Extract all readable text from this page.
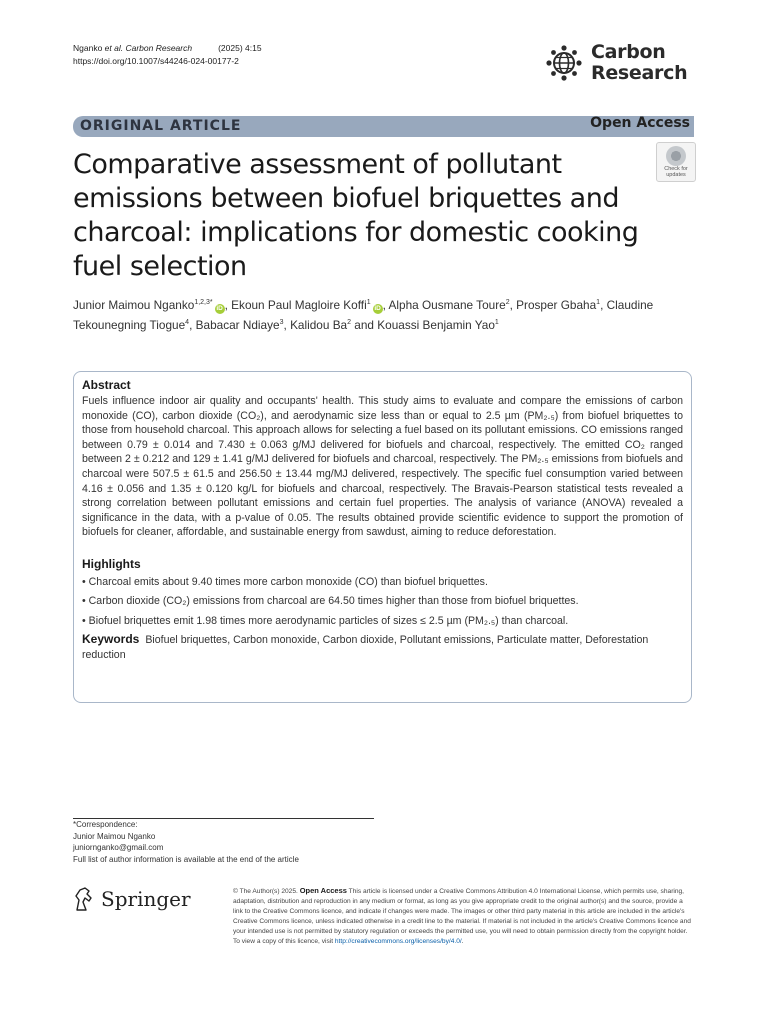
Nganko et al. Carbon Research	(2025) 4:15
https://doi.org/10.1007/s44246-024-00177-2	Carbon
Research
ORIGINAL ARTICLE	Open Access
Check for
updates
Comparative assessment of pollutant emissions between biofuel briquettes and charcoal: implications for domestic cooking fuel selection
Junior Maimou Nganko$^{1,2,3*}$iD , Ekoun Paul Magloire Koffi$^1$iD , Alpha Ousmane Toure$^2$, Prosper Gbaha$^1$, Claudine Tekounegning Tiogue$^4$, Babacar Ndiaye$^3$, Kalidou Ba$^2$ and Kouassi Benjamin Yao$^1$
Abstract

Fuels influence indoor air quality and occupants' health. This study aims to evaluate and compare the emissions of carbon monoxide (CO), carbon dioxide (CO₂), and aerodynamic size less than or equal to 2.5 µm (PM₂.₅) from biofuel briquettes to those from household charcoal. This approach allows for selecting a fuel based on its pollutant emissions. CO emissions ranged between 0.79 ± 0.014 and 7.430 ± 0.063 g/MJ delivered for biofuels and charcoal, respectively. The emitted CO₂ ranged between 2 ± 0.212 and 129 ± 1.41 g/MJ delivered for biofuels and charcoal, respectively. The PM₂.₅ emissions from biofuels and charcoal were 507.5 ± 61.5 and 256.50 ± 13.44 mg/MJ delivered, respectively. The specific fuel consumption varied between 4.16 ± 0.056 and 1.35 ± 0.120 kg/L for biofuels and charcoal, respectively. The Bravais-Pearson statistical tests revealed a strong correlation between pollutant emissions and certain fuel properties. The analysis of variance (ANOVA) revealed a significance in the data, with a p-value of 0.05. The results obtained provide scientific evidence to support the promotion of biofuels for cleaner, affordable, and sustainable energy from sawdust, aiming to reduce deforestation.

Highlights
• Charcoal emits about 9.40 times more carbon monoxide (CO) than biofuel briquettes.
• Carbon dioxide (CO₂) emissions from charcoal are 64.50 times higher than those from biofuel briquettes.
• Biofuel briquettes emit 1.98 times more aerodynamic particles of sizes ≤ 2.5 µm (PM₂.₅) than charcoal.
Keywords Biofuel briquettes, Carbon monoxide, Carbon dioxide, Pollutant emissions, Particulate matter, Deforestation reduction
*Correspondence:
Junior Maimou Nganko
juniornganko@gmail.com
Full list of author information is available at the end of the article
Springer	© The Author(s) 2025. Open Access This article is licensed under a Creative Commons Attribution 4.0 International License, which permits use, sharing, adaptation, distribution and reproduction in any medium or format, as long as you give appropriate credit to the original author(s) and the source, provide a link to the Creative Commons licence, and indicate if changes were made. The images or other third party material in this article are included in the article's Creative Commons licence, unless indicated otherwise in a credit line to the material. If material is not included in the article's Creative Commons licence and your intended use is not permitted by statutory regulation or exceeds the permitted use, you will need to obtain permission directly from the copyright holder. To view a copy of this licence, visit http://creativecommons.org/licenses/by/4.0/.
